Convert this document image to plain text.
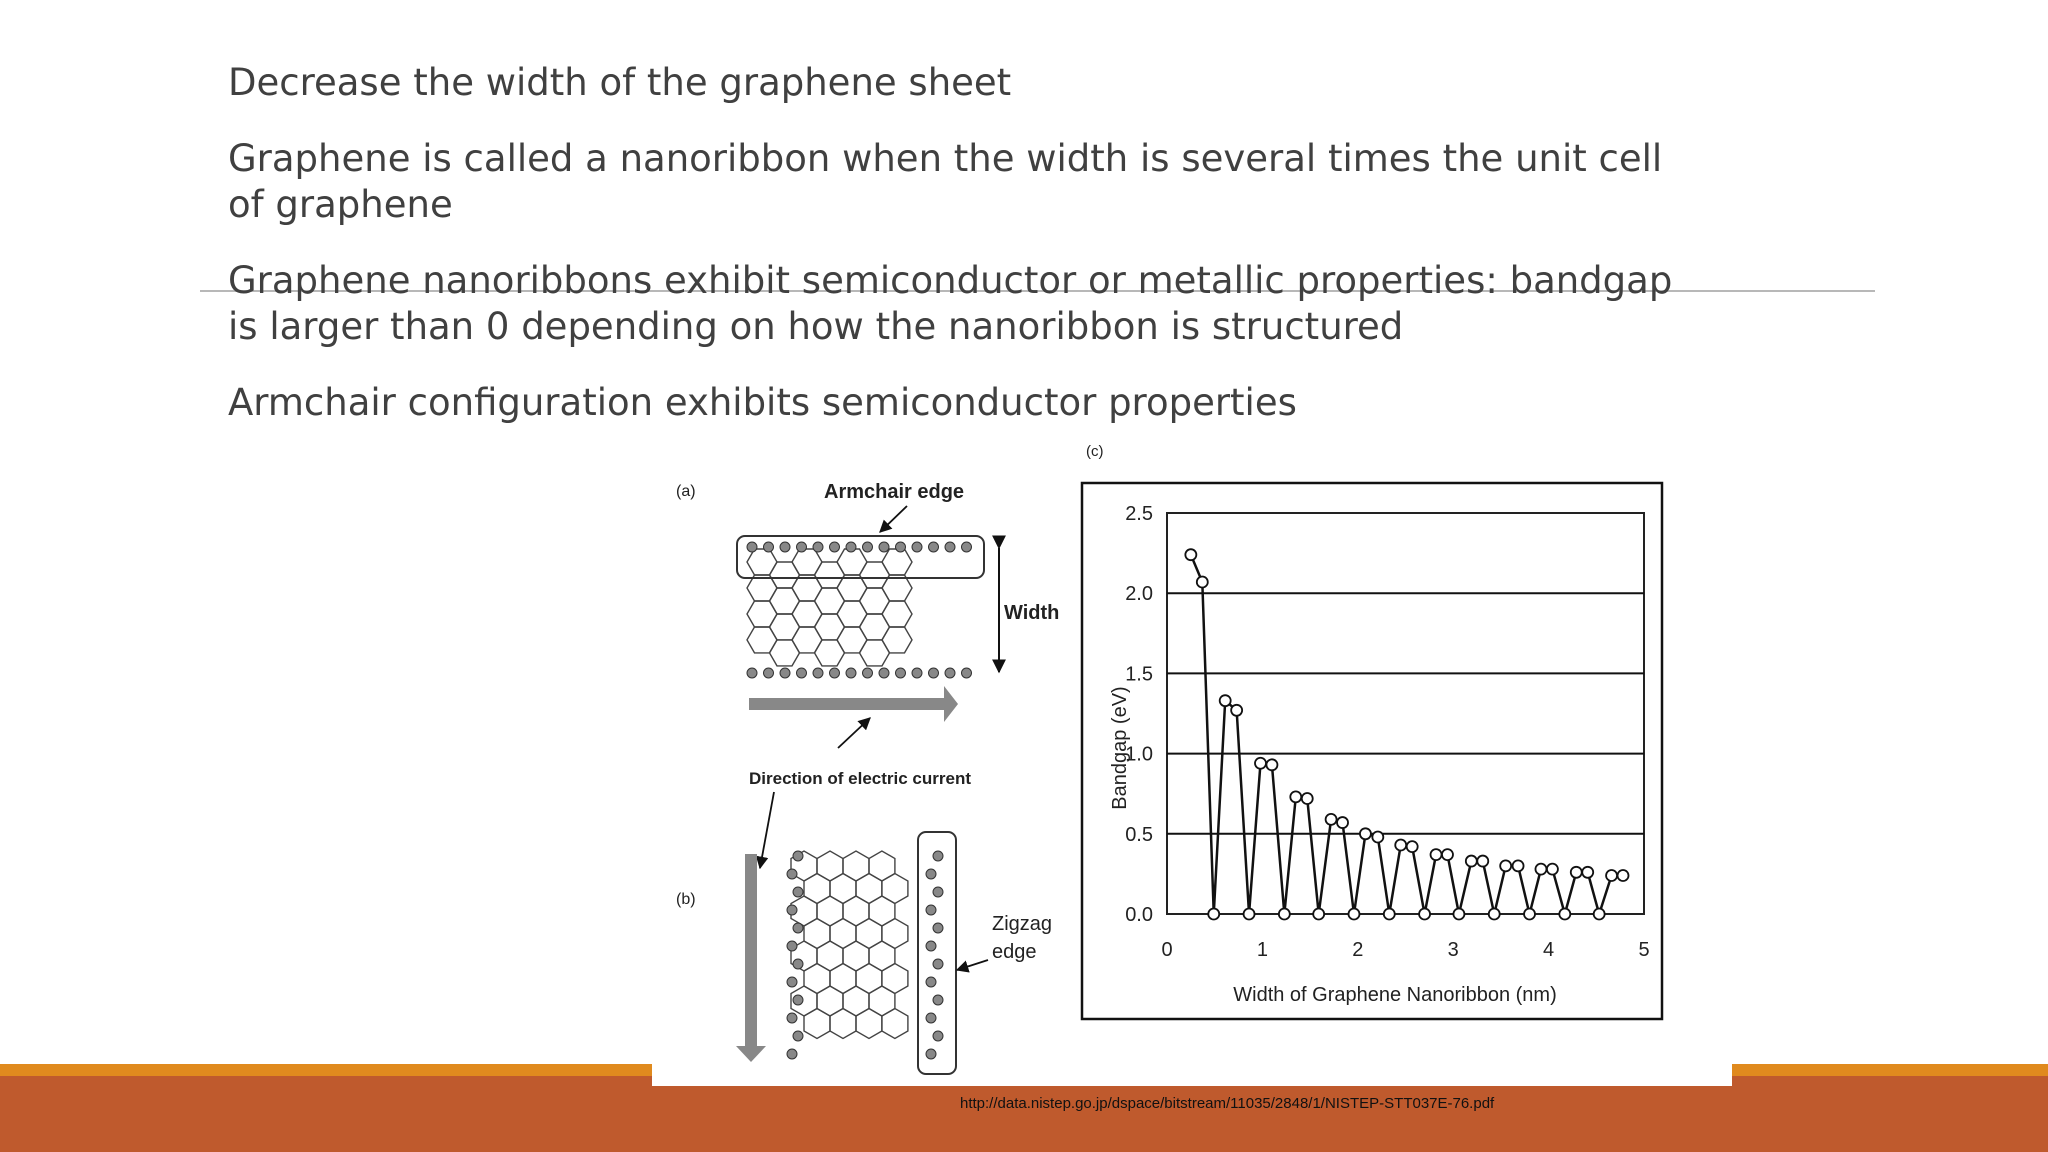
Decrease the width of the graphene sheet
Graphene is called a nanoribbon when the width is several times the unit cell of graphene
Graphene nanoribbons exhibit semiconductor or metallic properties: bandgap is larger than 0 depending on how the nanoribbon is structured
Armchair configuration exhibits semiconductor properties
(a)	Armchair edge
Width
Direction of electric current
(b)
Zigzag
edge
(c)
0.0
0.5
1.0
1.5
2.0
2.5
0	1	2	3	4	5
Bandgap (eV)
Width of Graphene Nanoribbon (nm)
http://data.nistep.go.jp/dspace/bitstream/11035/2848/1/NISTEP-STT037E-76.pdf
